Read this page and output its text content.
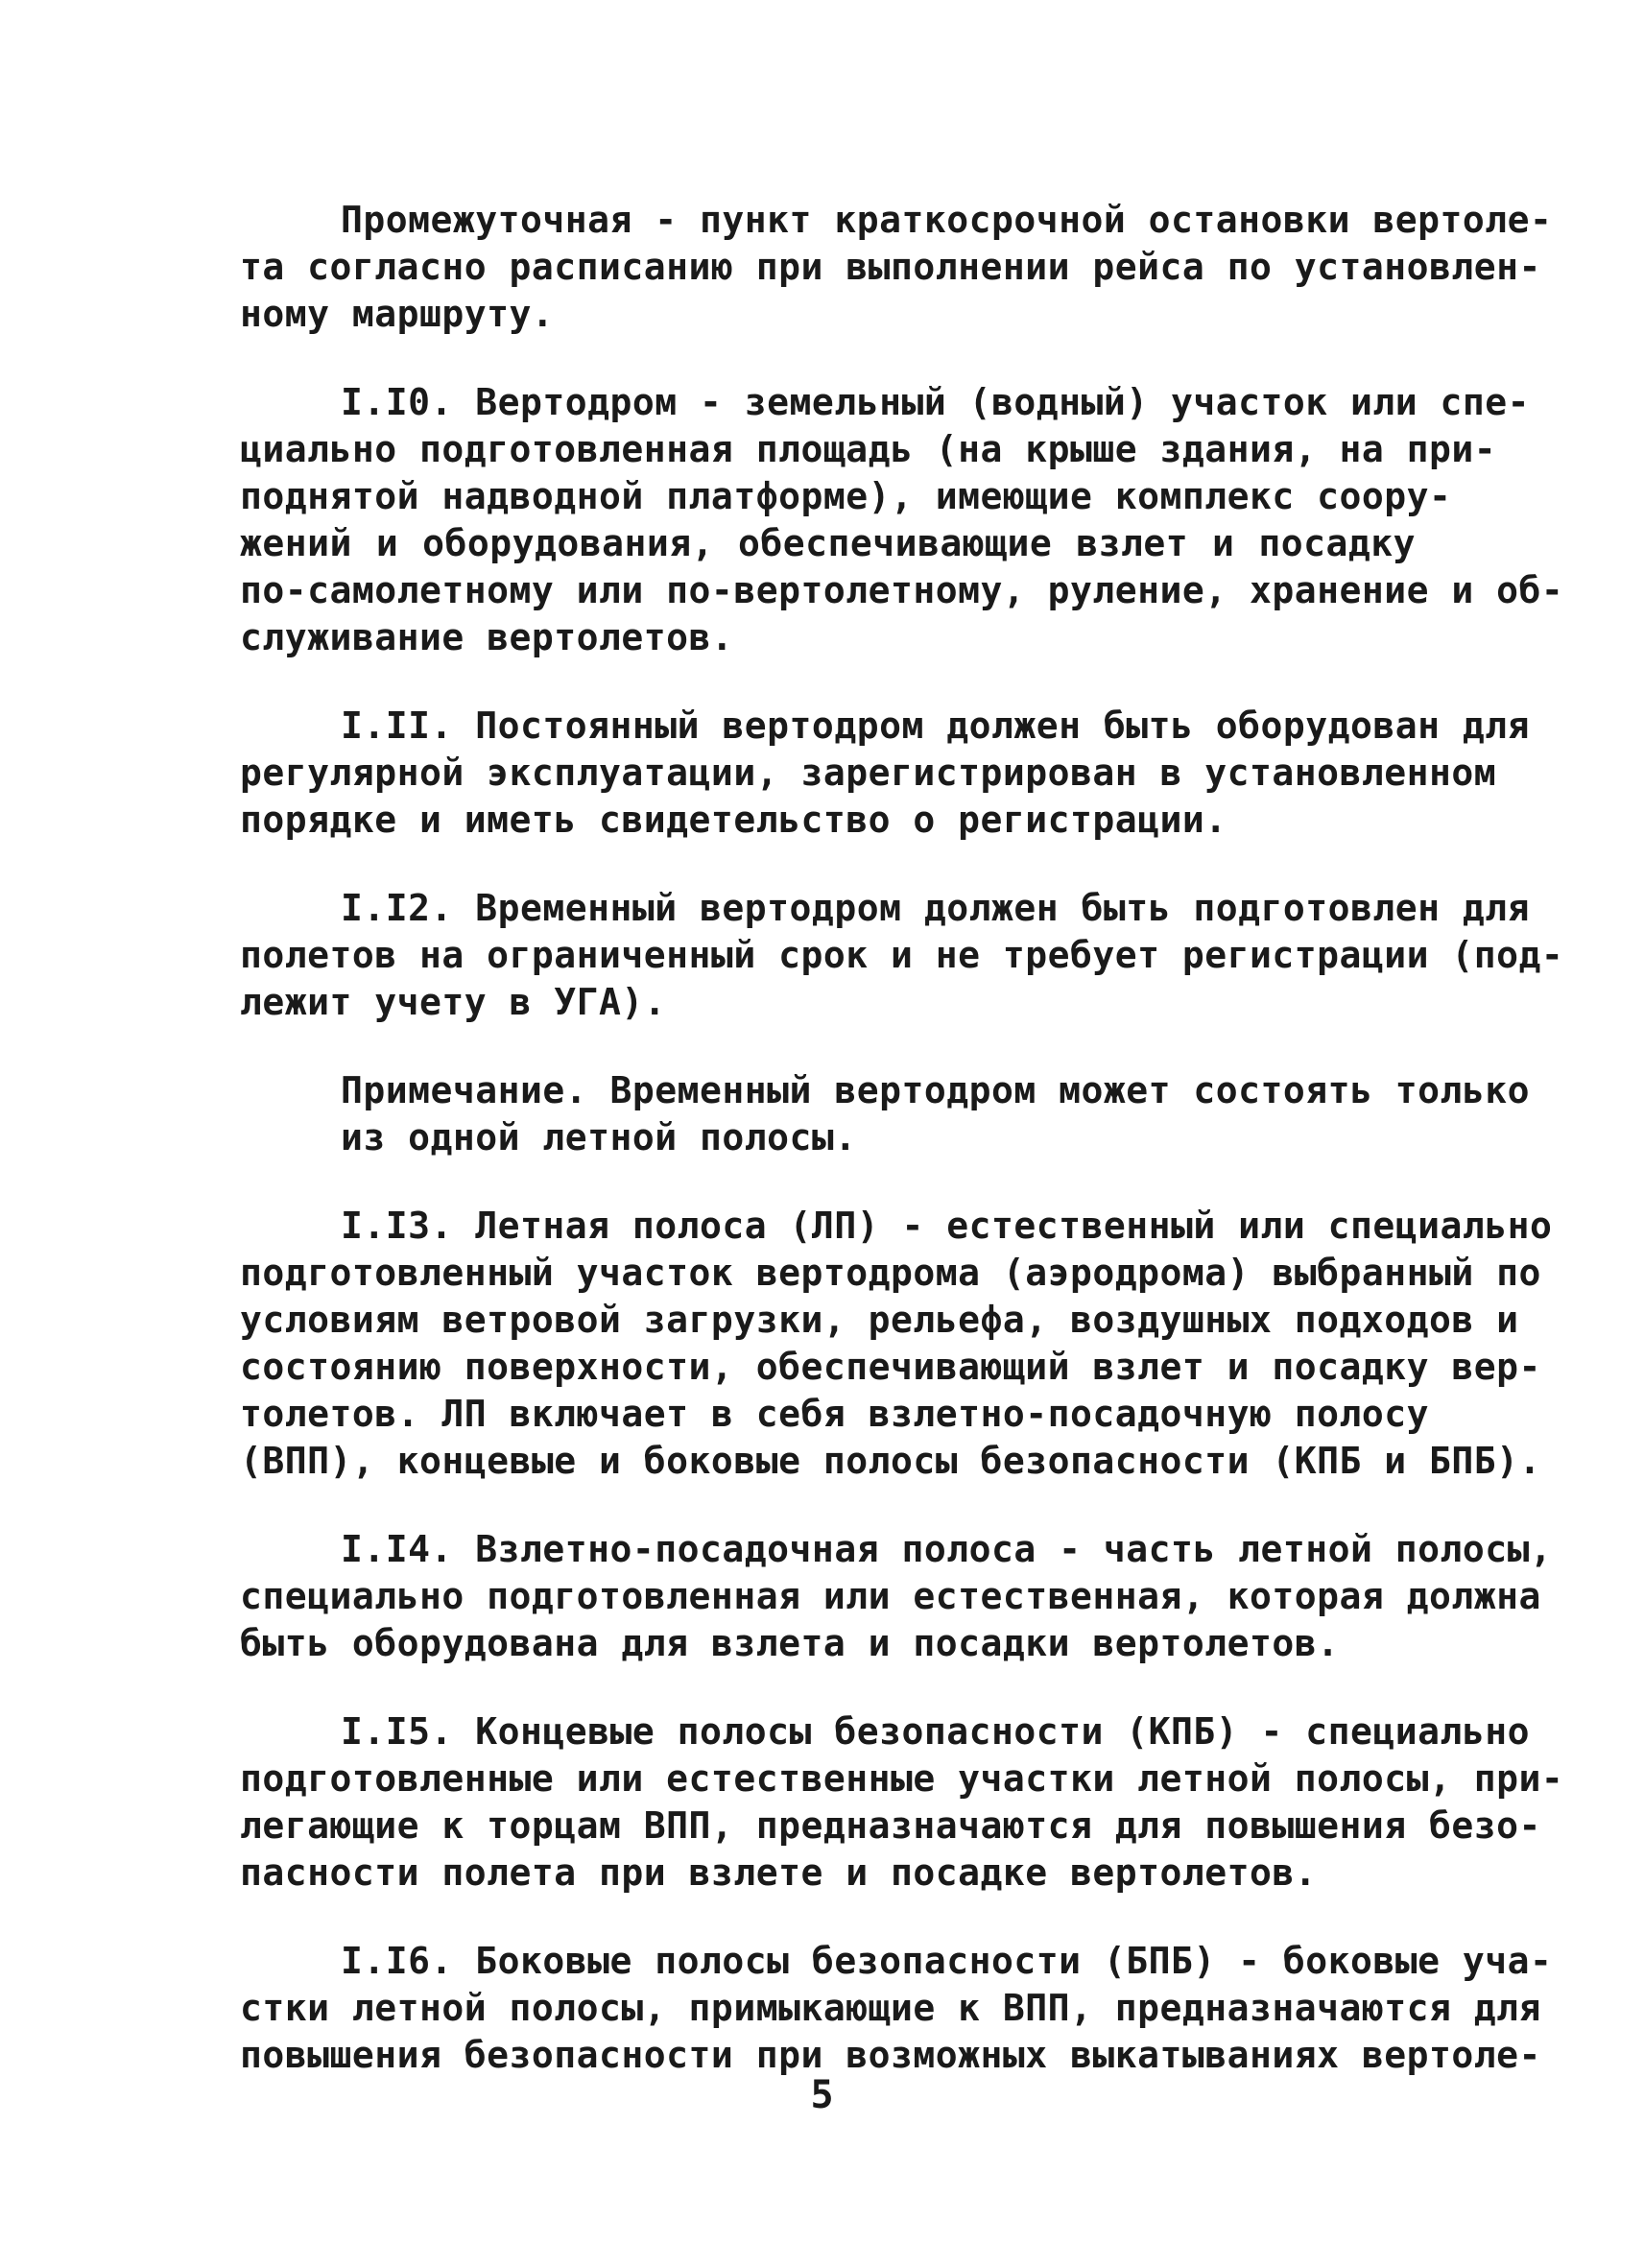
Промежуточная - пункт краткосрочной остановки вертоле-
та согласно расписанию при выполнении рейса по установлен-
ному маршруту.
I.I0. Вертодром - земельный (водный) участок или спе-
циально подготовленная площадь (на крыше здания, на при-
поднятой надводной платформе), имеющие комплекс соору-
жений и оборудования, обеспечивающие взлет и посадку
по-самолетному или по-вертолетному, руление, хранение и об-
служивание вертолетов.
I.II. Постоянный вертодром должен быть оборудован для
регулярной эксплуатации, зарегистрирован в установленном
порядке и иметь свидетельство о регистрации.
I.I2. Временный вертодром должен быть подготовлен для
полетов на ограниченный срок и не требует регистрации (под-
лежит учету в УГА).
Примечание. Временный вертодром может состоять только
из одной летной полосы.
I.I3. Летная полоса (ЛП) - естественный или специально
подготовленный участок вертодрома (аэродрома) выбранный по
условиям ветровой загрузки, рельефа, воздушных подходов и
состоянию поверхности, обеспечивающий взлет и посадку вер-
толетов. ЛП включает в себя взлетно-посадочную полосу
(ВПП), концевые и боковые полосы безопасности (КПБ и БПБ).
I.I4. Взлетно-посадочная полоса - часть летной полосы,
специально подготовленная или естественная, которая должна
быть оборудована для взлета и посадки вертолетов.
I.I5. Концевые полосы безопасности (КПБ) - специально
подготовленные или естественные участки летной полосы, при-
легающие к торцам ВПП, предназначаются для повышения безо-
пасности полета при взлете и посадке вертолетов.
I.I6. Боковые полосы безопасности (БПБ) - боковые уча-
стки летной полосы, примыкающие к ВПП, предназначаются для
повышения безопасности при возможных выкатываниях вертоле-
5
